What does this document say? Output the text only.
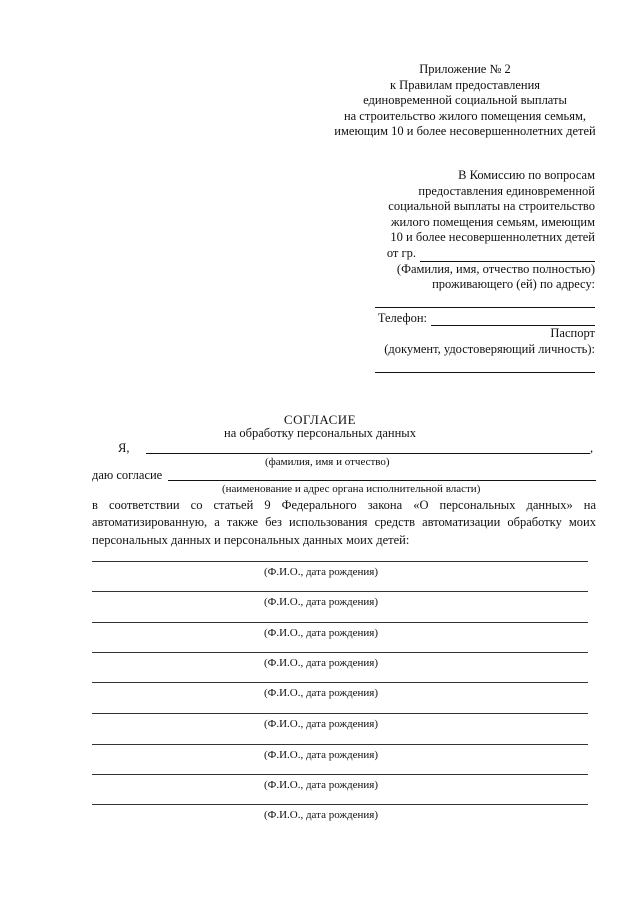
Приложение № 2
к Правилам предоставления
единовременной социальной выплаты
на строительство жилого помещения семьям,
имеющим 10 и более несовершеннолетних детей
В Комиссию по вопросам
предоставления единовременной
социальной выплаты на строительство
жилого помещения семьям, имеющим
10 и более несовершеннолетних детей
от гр.
(Фамилия, имя, отчество полностью)
проживающего (ей) по адресу:
Телефон:
Паспорт
(документ, удостоверяющий личность):
СОГЛАСИЕ
на обработку персональных данных
Я,	,
(фамилия, имя и отчество)
даю согласие
(наименование и адрес органа исполнительной власти)
в соответствии со статьей 9 Федерального закона «О персональных данных» на автоматизированную, а также без использования средств автоматизации обработку моих персональных данных и персональных данных моих детей:
(Ф.И.О., дата рождения)
(Ф.И.О., дата рождения)
(Ф.И.О., дата рождения)
(Ф.И.О., дата рождения)
(Ф.И.О., дата рождения)
(Ф.И.О., дата рождения)
(Ф.И.О., дата рождения)
(Ф.И.О., дата рождения)
(Ф.И.О., дата рождения)
